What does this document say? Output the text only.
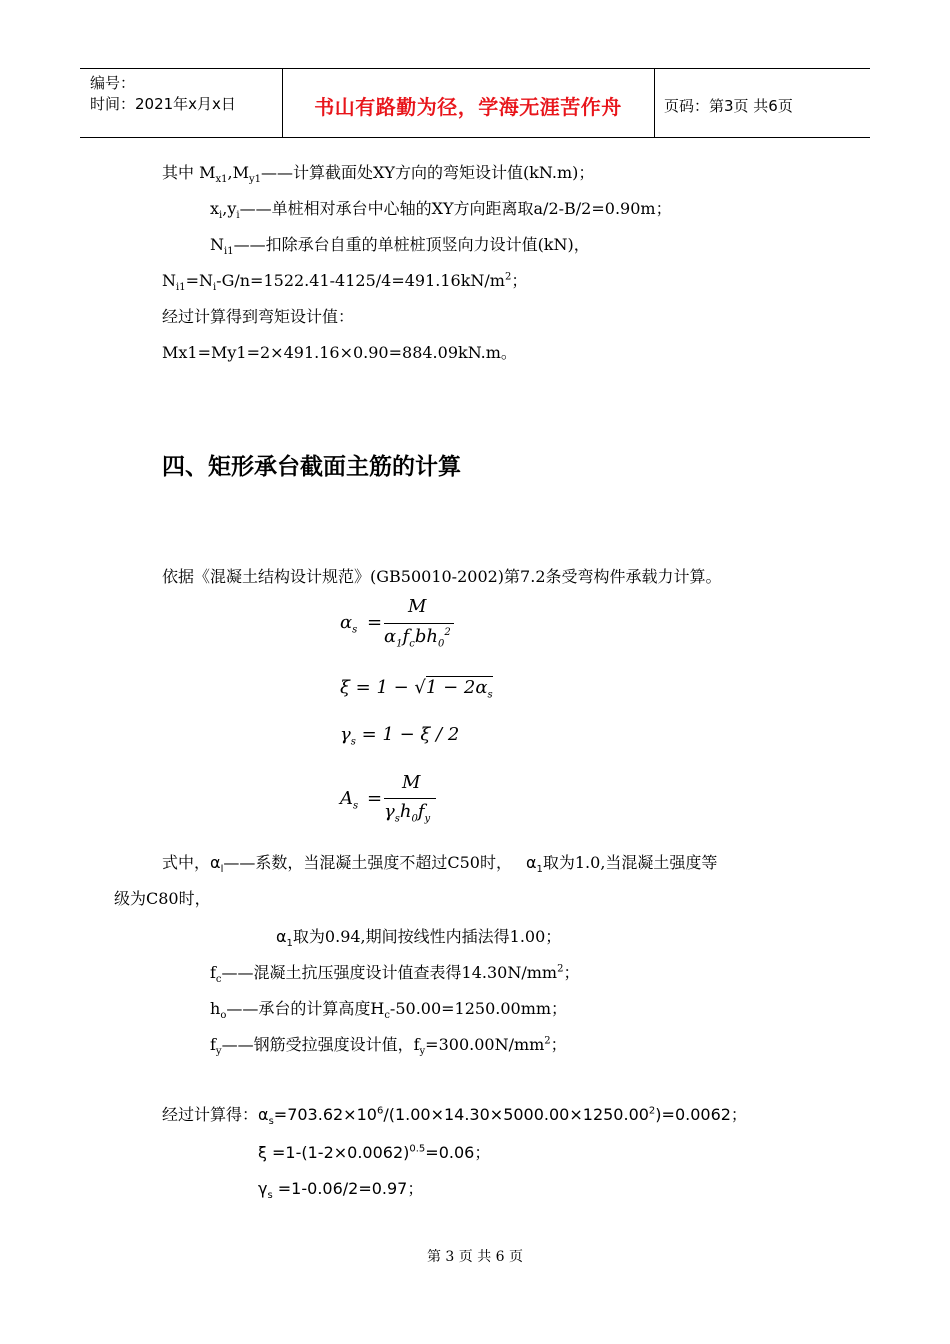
编号：
时间：2021年x月x日	书山有路勤为径，学海无涯苦作舟	页码：第3页 共6页
其中 $M_{x1},M_{y1}——$计算截面处XY方向的弯矩设计值(kN.m)；
$x_i,y_i——$单桩相对承台中心轴的XY方向距离取a/2-B/2=0.90m；
$N_{i1}——$扣除承台自重的单桩桩顶竖向力设计值(kN)，
$N_{i1}=N_i-G/n=1522.41-4125/4=491.16kN/m^2$；
经过计算得到弯矩设计值：
Mx1=My1=2×491.16×0.90=884.09kN.m。
四、矩形承台截面主筋的计算
依据《混凝土结构设计规范》(GB50010-2002)第7.2条受弯构件承载力计算。
$\alpha_s$ =
M
$\alpha_1f_cbh_0^2$
$\xi = 1 - √1 - 2\alpha_s$
$\gamma_s = 1 - \xi / 2$
$A_s$ =
M
$\gamma_sh_0f_y$
式中，$\alpha_l——$系数，当混凝土强度不超过C50时， $\alpha_1$取为1.0,当混凝土强度等
级为C80时，
$\alpha_1$取为0.94,期间按线性内插法得1.00；
$f_c——$混凝土抗压强度设计值查表得$14.30N/mm^2$；
$h_o——$承台的计算高度$H_c-50.00=1250.00mm$；
$f_y——$钢筋受拉强度设计值，$f_y=300.00N/mm^2$；
经过计算得：$\alpha_s=703.62\times 10^6/(1.00\times 14.30\times 5000.00\times 1250.00^2)=0.0062$；
$\xi =1-(1-2\times 0.0062)^{0.5}=0.06$；
$\gamma_s =1-0.06/2=0.97$；
第 3 页 共 6 页
